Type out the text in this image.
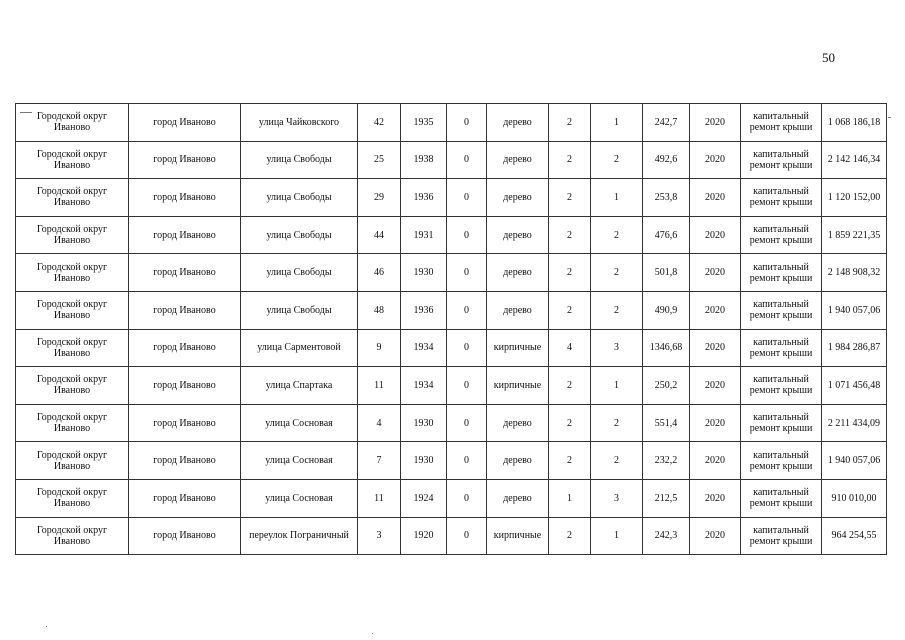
50
Городской округ Иваново	город Иваново	улица Чайковского	42	1935	0	дерево	2	1	242,7	2020	капитальный ремонт крыши	1 068 186,18
Городской округ Иваново	город Иваново	улица Свободы	25	1938	0	дерево	2	2	492,6	2020	капитальный ремонт крыши	2 142 146,34
Городской округ Иваново	город Иваново	улица Свободы	29	1936	0	дерево	2	1	253,8	2020	капитальный ремонт крыши	1 120 152,00
Городской округ Иваново	город Иваново	улица Свободы	44	1931	0	дерево	2	2	476,6	2020	капитальный ремонт крыши	1 859 221,35
Городской округ Иваново	город Иваново	улица Свободы	46	1930	0	дерево	2	2	501,8	2020	капитальный ремонт крыши	2 148 908,32
Городской округ Иваново	город Иваново	улица Свободы	48	1936	0	дерево	2	2	490,9	2020	капитальный ремонт крыши	1 940 057,06
Городской округ Иваново	город Иваново	улица Сарментовой	9	1934	0	кирпичные	4	3	1346,68	2020	капитальный ремонт крыши	1 984 286,87
Городской округ Иваново	город Иваново	улица Спартака	11	1934	0	кирпичные	2	1	250,2	2020	капитальный ремонт крыши	1 071 456,48
Городской округ Иваново	город Иваново	улица Сосновая	4	1930	0	дерево	2	2	551,4	2020	капитальный ремонт крыши	2 211 434,09
Городской округ Иваново	город Иваново	улица Сосновая	7	1930	0	дерево	2	2	232,2	2020	капитальный ремонт крыши	1 940 057,06
Городской округ Иваново	город Иваново	улица Сосновая	11	1924	0	дерево	1	3	212,5	2020	капитальный ремонт крыши	910 010,00
Городской округ Иваново	город Иваново	переулок Пограничный	3	1920	0	кирпичные	2	1	242,3	2020	капитальный ремонт крыши	964 254,55
